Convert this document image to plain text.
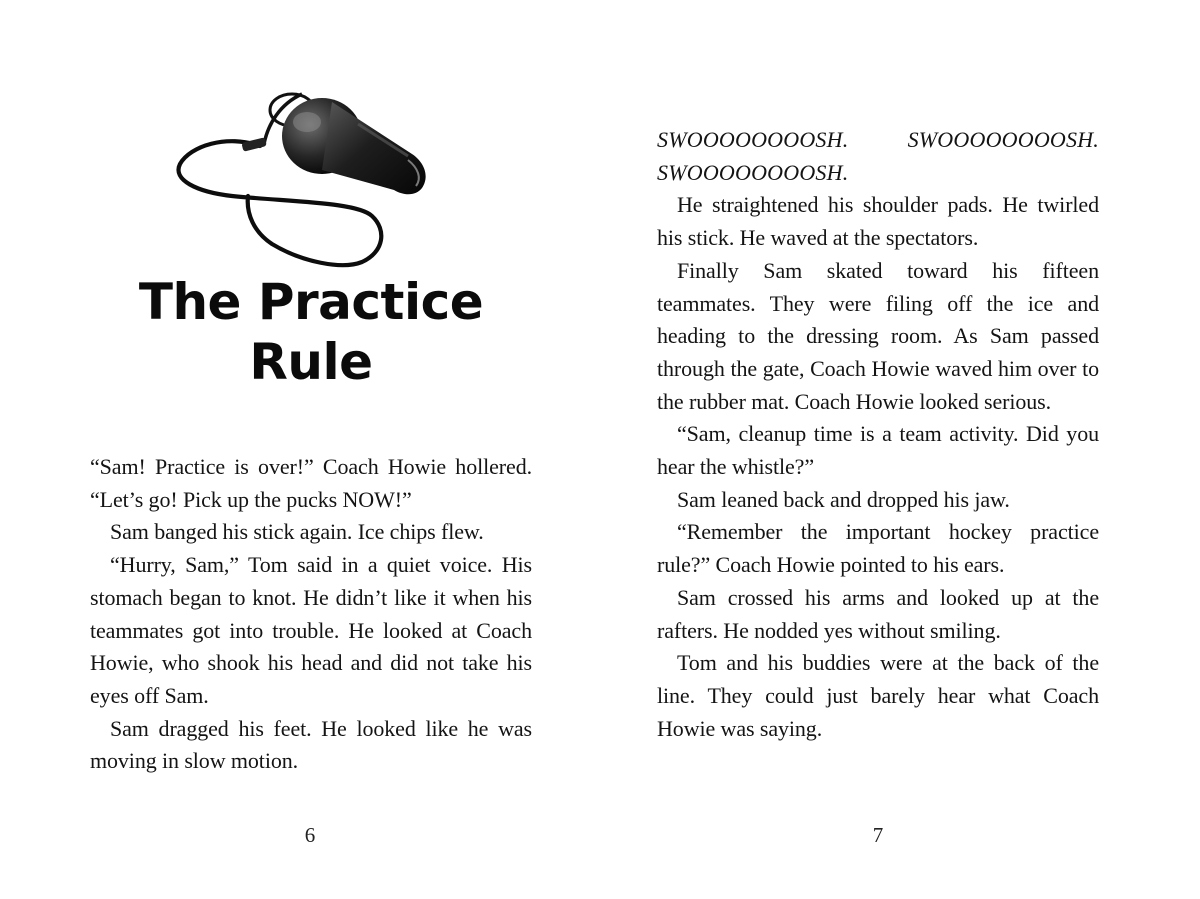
The Practice
Rule

“Sam! Practice is over!” Coach Howie hollered. “Let’s go! Pick up the pucks NOW!”

Sam banged his stick again. Ice chips flew.

“Hurry, Sam,” Tom said in a quiet voice. His stomach began to knot. He didn’t like it when his teammates got into trouble. He looked at Coach Howie, who shook his head and did not take his eyes off Sam.

Sam dragged his feet. He looked like he was moving in slow motion.

6

SWOOOOOOOOSH. SWOOOOOOOOSH. SWOOOOOOOOSH.

He straightened his shoulder pads. He twirled his stick. He waved at the spectators.

Finally Sam skated toward his fifteen teammates. They were filing off the ice and heading to the dressing room. As Sam passed through the gate, Coach Howie waved him over to the rubber mat. Coach Howie looked serious.

“Sam, cleanup time is a team activity. Did you hear the whistle?”

Sam leaned back and dropped his jaw.

“Remember the important hockey practice rule?” Coach Howie pointed to his ears.

Sam crossed his arms and looked up at the rafters. He nodded yes without smiling.

Tom and his buddies were at the back of the line. They could just barely hear what Coach Howie was saying.

7
